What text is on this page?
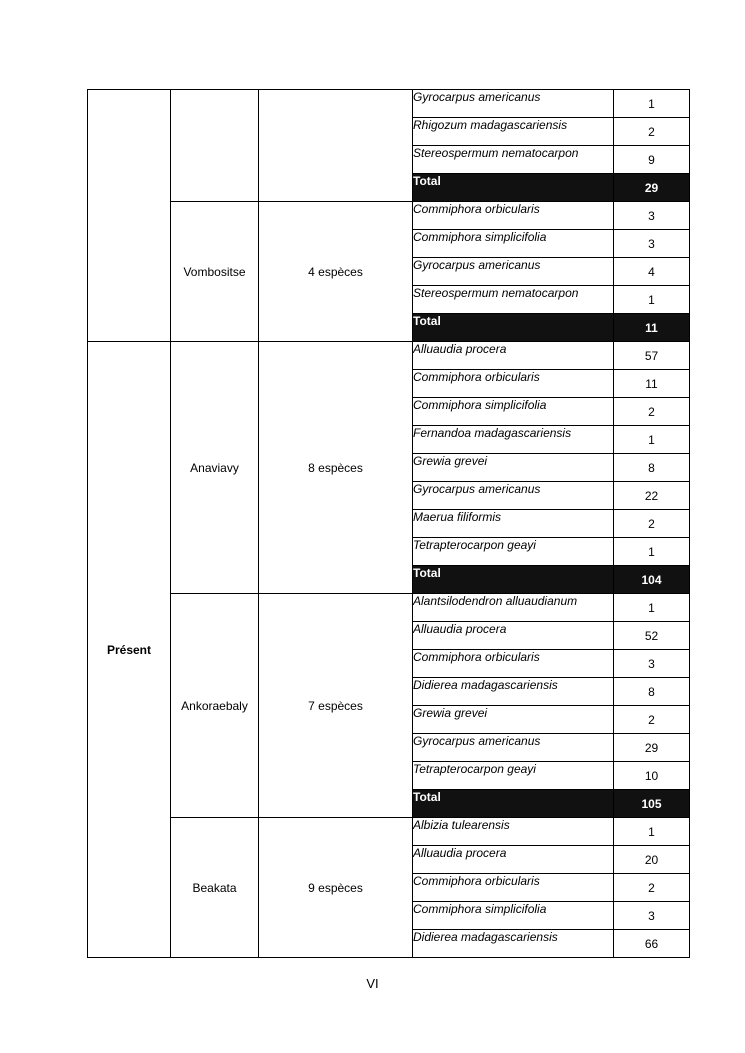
			Gyrocarpus americanus	1
			Rhigozum madagascariensis	2
			Stereospermum nematocarpon	9
			Total	29
	Vombositse	4 espèces	Commiphora orbicularis	3
			Commiphora simplicifolia	3
			Gyrocarpus americanus	4
			Stereospermum nematocarpon	1
			Total	11
Présent	Anaviavy	8 espèces	Alluaudia procera	57
			Commiphora orbicularis	11
			Commiphora simplicifolia	2
			Fernandoa madagascariensis	1
			Grewia grevei	8
			Gyrocarpus americanus	22
			Maerua filiformis	2
			Tetrapterocarpon geayi	1
			Total	104
	Ankoraebaly	7 espèces	Alantsilodendron alluaudianum	1
			Alluaudia procera	52
			Commiphora orbicularis	3
			Didierea madagascariensis	8
			Grewia grevei	2
			Gyrocarpus americanus	29
			Tetrapterocarpon geayi	10
			Total	105
	Beakata	9 espèces	Albizia tulearensis	1
			Alluaudia procera	20
			Commiphora orbicularis	2
			Commiphora simplicifolia	3
			Didierea madagascariensis	66
VI
